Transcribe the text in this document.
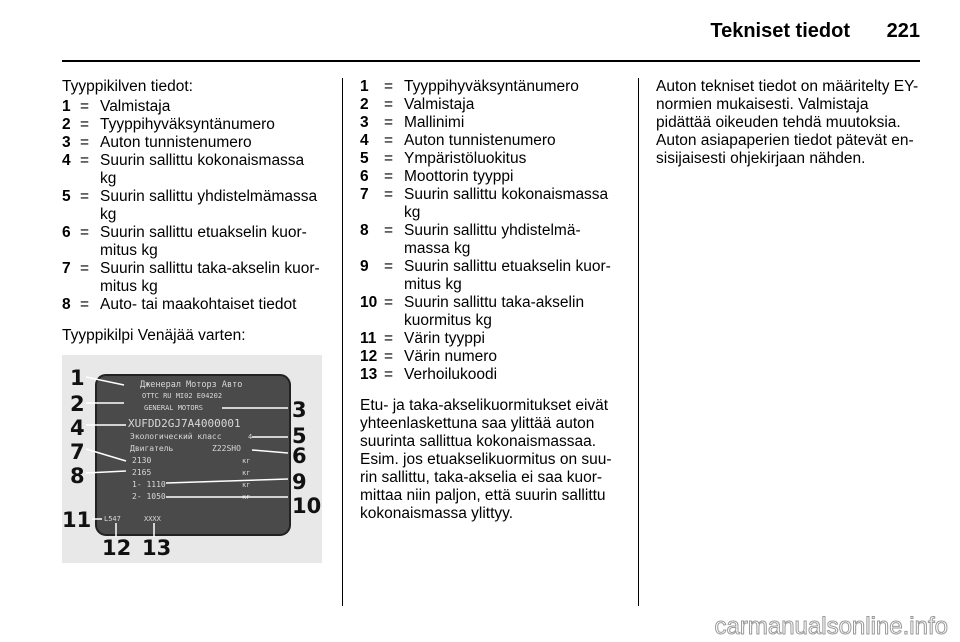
Tekniset tiedot	221

Tyyppikilven tiedot:

1 = Valmistaja
2 = Tyyppihyväksyntänumero
3 = Auton tunnistenumero
4 = Suurin sallittu kokonaismassa kg
5 = Suurin sallittu yhdistelmämassa kg
6 = Suurin sallittu etuakselin kuor-mitus kg
7 = Suurin sallittu taka-akselin kuor-mitus kg
8 = Auto- tai maakohtaiset tiedot

Tyyppikilpi Venäjää varten:

Дженерал Моторз Авто
ОТТС RU MI02 E04202
GENERAL MOTORS
XUFDD2GJ7A4000001
Экологический класс
Двигатель
2130
2165
1- 1110
2- 1050
L547	XXXX
4
Z22SHO
кг
кг
кг
кг
1
2	3
4	5
6
7
8	9
10
11
12 13
1 = Tyyppihyväksyntänumero
2 = Valmistaja
3 = Mallinimi
4 = Auton tunnistenumero
5 = Ympäristöluokitus
6 = Moottorin tyyppi
7 = Suurin sallittu kokonaismassa kg
8 = Suurin sallittu yhdistelmä-massa kg
9 = Suurin sallittu etuakselin kuor-mitus kg
10 = Suurin sallittu taka-akselin kuormitus kg
11 = Värin tyyppi
12 = Värin numero
13 = Verhoilukoodi

Etu- ja taka-akselikuormitukset eivät yhteenlaskettuna saa ylittää auton suurinta sallittua kokonaismassaa. Esim. jos etuakselikuormitus on suu-rin sallittu, taka-akselia ei saa kuor-mittaa niin paljon, että suurin sallittu kokonaismassa ylittyy.

Auton tekniset tiedot on määritelty EY-normien mukaisesti. Valmistaja pidättää oikeuden tehdä muutoksia. Auton asiapaperien tiedot pätevät en-sisijaisesti ohjekirjaan nähden.

carmanualsonline.info
